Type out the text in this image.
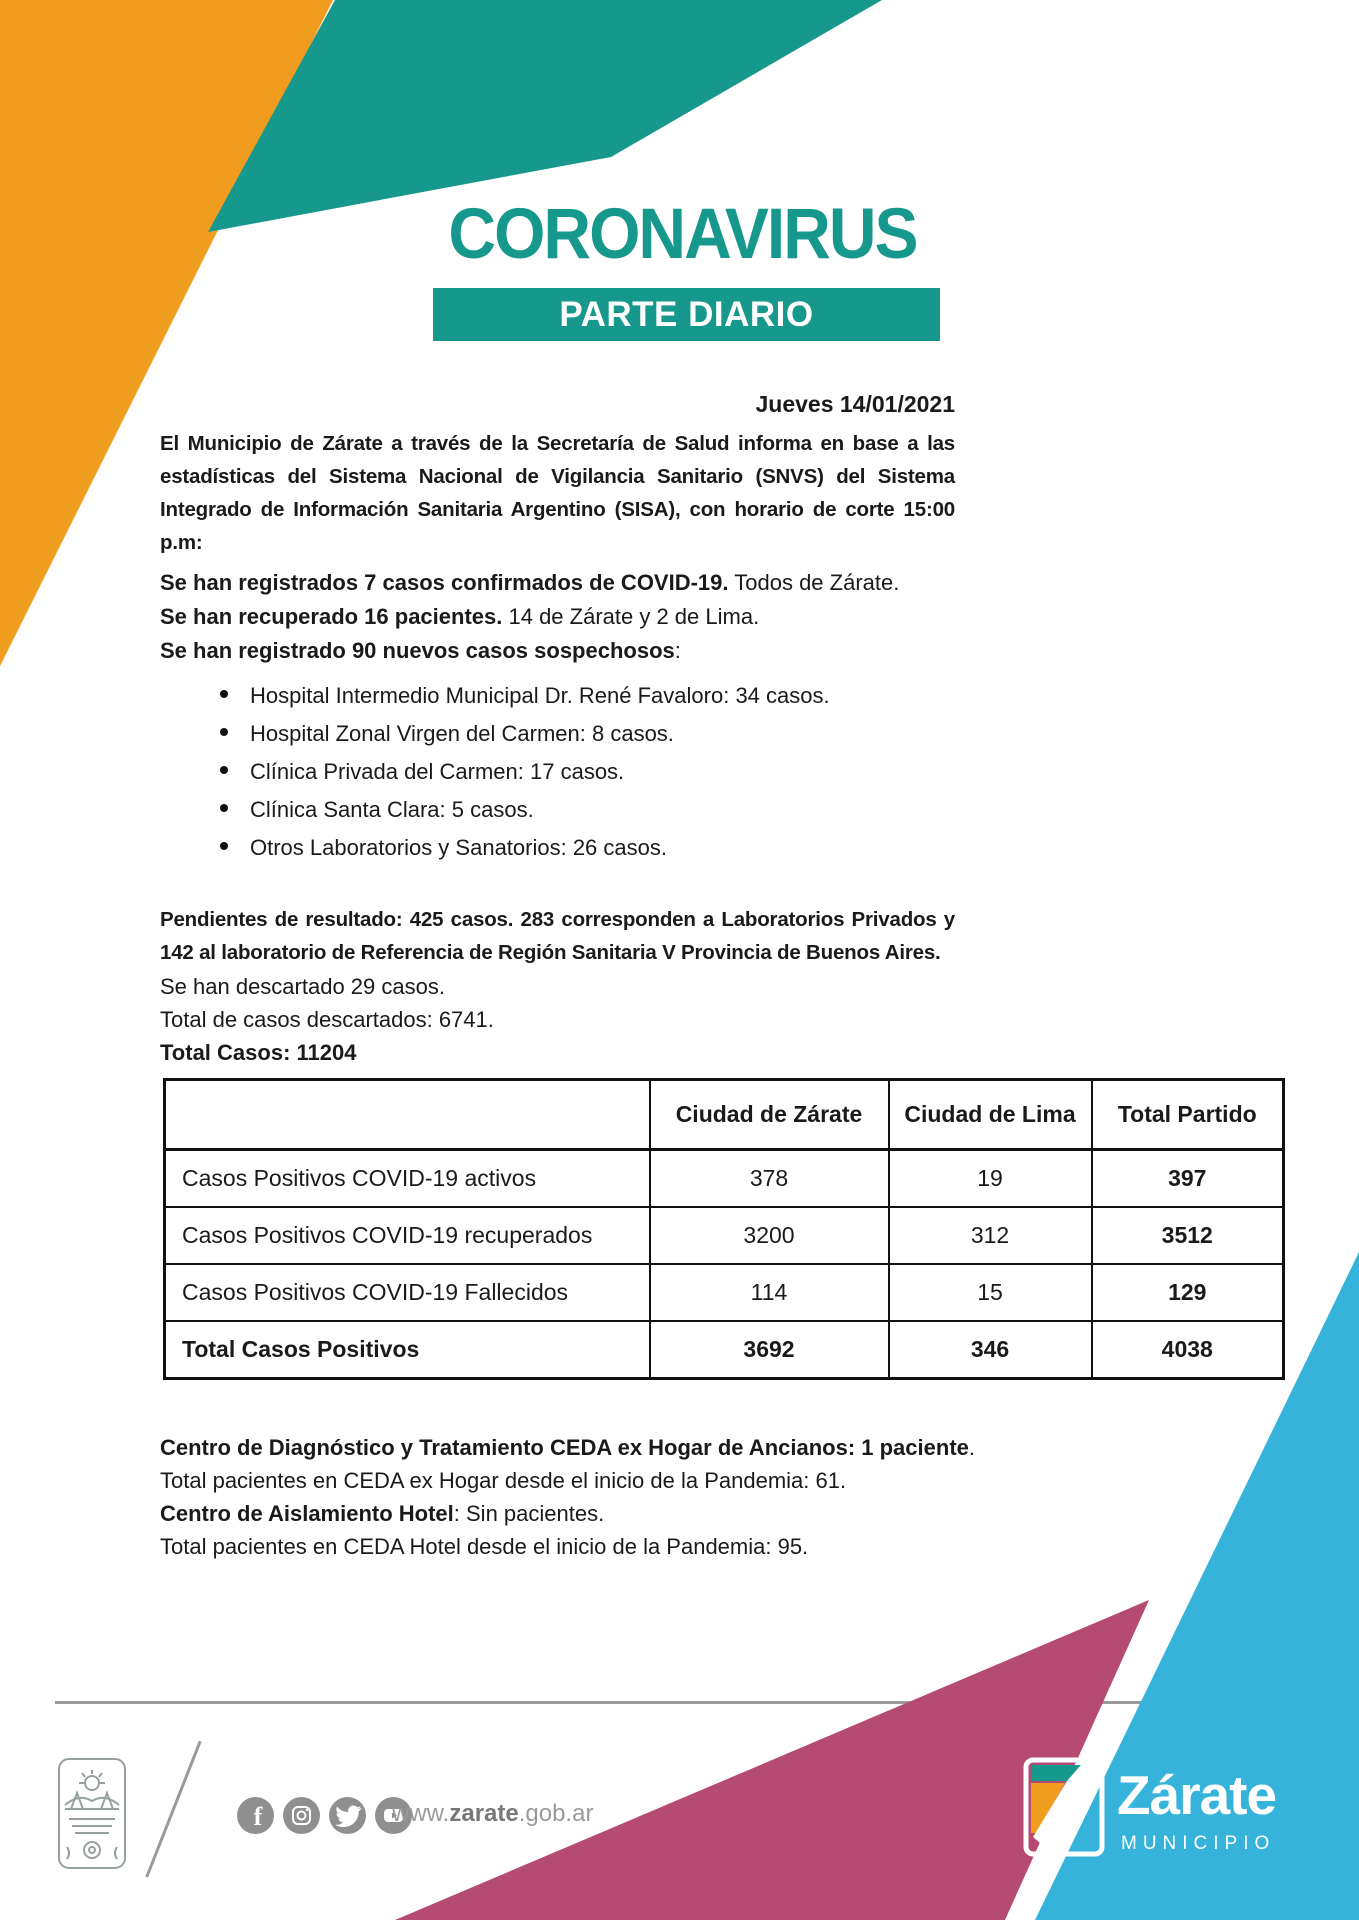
CORONAVIRUS
PARTE DIARIO
Jueves 14/01/2021
El Municipio de Zárate a través de la Secretaría de Salud informa en base a las estadísticas del Sistema Nacional de Vigilancia Sanitario (SNVS) del Sistema Integrado de Información Sanitaria Argentino (SISA), con horario de corte 15:00 p.m:
Se han registrados 7 casos confirmados de COVID-19. Todos de Zárate.
Se han recuperado 16 pacientes. 14 de Zárate y 2 de Lima.
Se han registrado 90 nuevos casos sospechosos:
Hospital Intermedio Municipal Dr. René Favaloro: 34 casos.
Hospital Zonal Virgen del Carmen: 8 casos.
Clínica Privada del Carmen: 17 casos.
Clínica Santa Clara: 5 casos.
Otros Laboratorios y Sanatorios: 26 casos.
Pendientes de resultado: 425 casos. 283 corresponden a Laboratorios Privados y 142 al laboratorio de Referencia de Región Sanitaria V Provincia de Buenos Aires.
Se han descartado 29 casos.
Total de casos descartados: 6741.
Total Casos: 11204
	Ciudad de Zárate	Ciudad de Lima	Total Partido
Casos Positivos COVID-19 activos	378	19	397
Casos Positivos COVID-19 recuperados	3200	312	3512
Casos Positivos COVID-19 Fallecidos	114	15	129
Total Casos Positivos	3692	346	4038
Centro de Diagnóstico y Tratamiento CEDA ex Hogar de Ancianos: 1 paciente.
Total pacientes en CEDA ex Hogar desde el inicio de la Pandemia: 61.
Centro de Aislamiento Hotel: Sin pacientes.
Total pacientes en CEDA Hotel desde el inicio de la Pandemia: 95.
f	www.zarate.gob.ar	Zárate
MUNICIPIO
